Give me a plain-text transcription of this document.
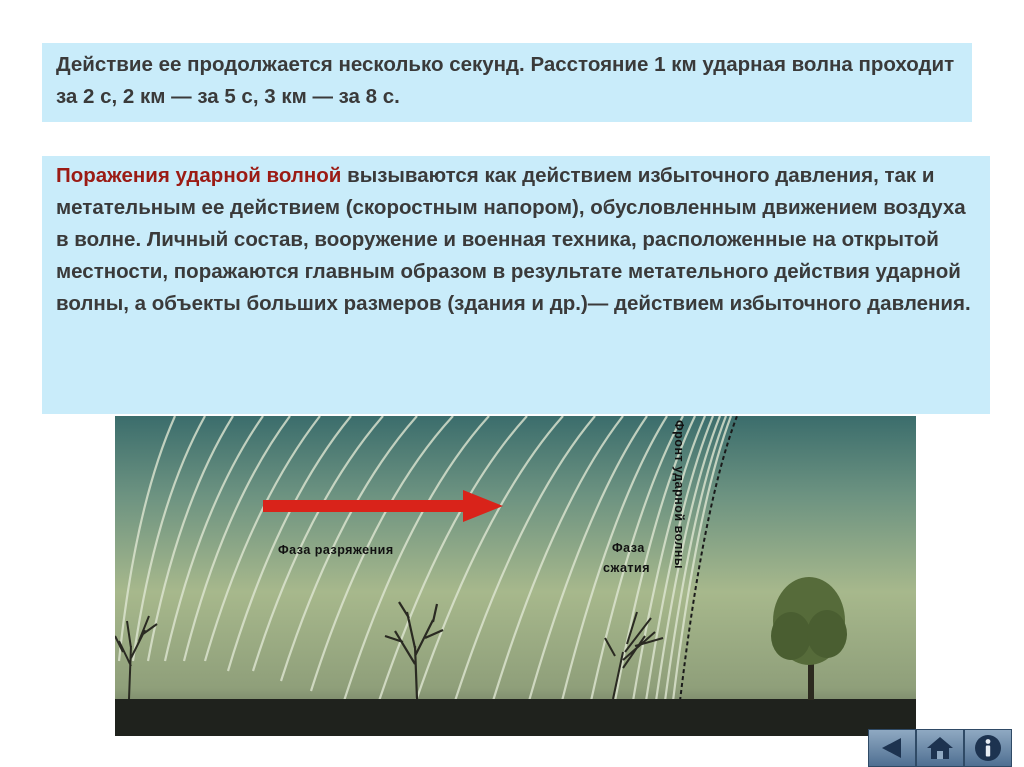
Действие ее продолжается несколько секунд. Расстояние 1 км ударная волна проходит за 2 с, 2 км — за 5 с, 3 км — за 8 с.

Поражения ударной волной вызываются как действием избыточного давления, так и метательным ее действием (скоростным напором), обусловленным движением воздуха в волне. Личный состав, вооружение и военная техника, расположенные на открытой местности, поражаются главным образом в результате метательного действия ударной волны, а объекты больших размеров (здания и др.)— действием избыточного давления.

Фаза разряжения	Фаза
сжатия Фронт ударной волны
